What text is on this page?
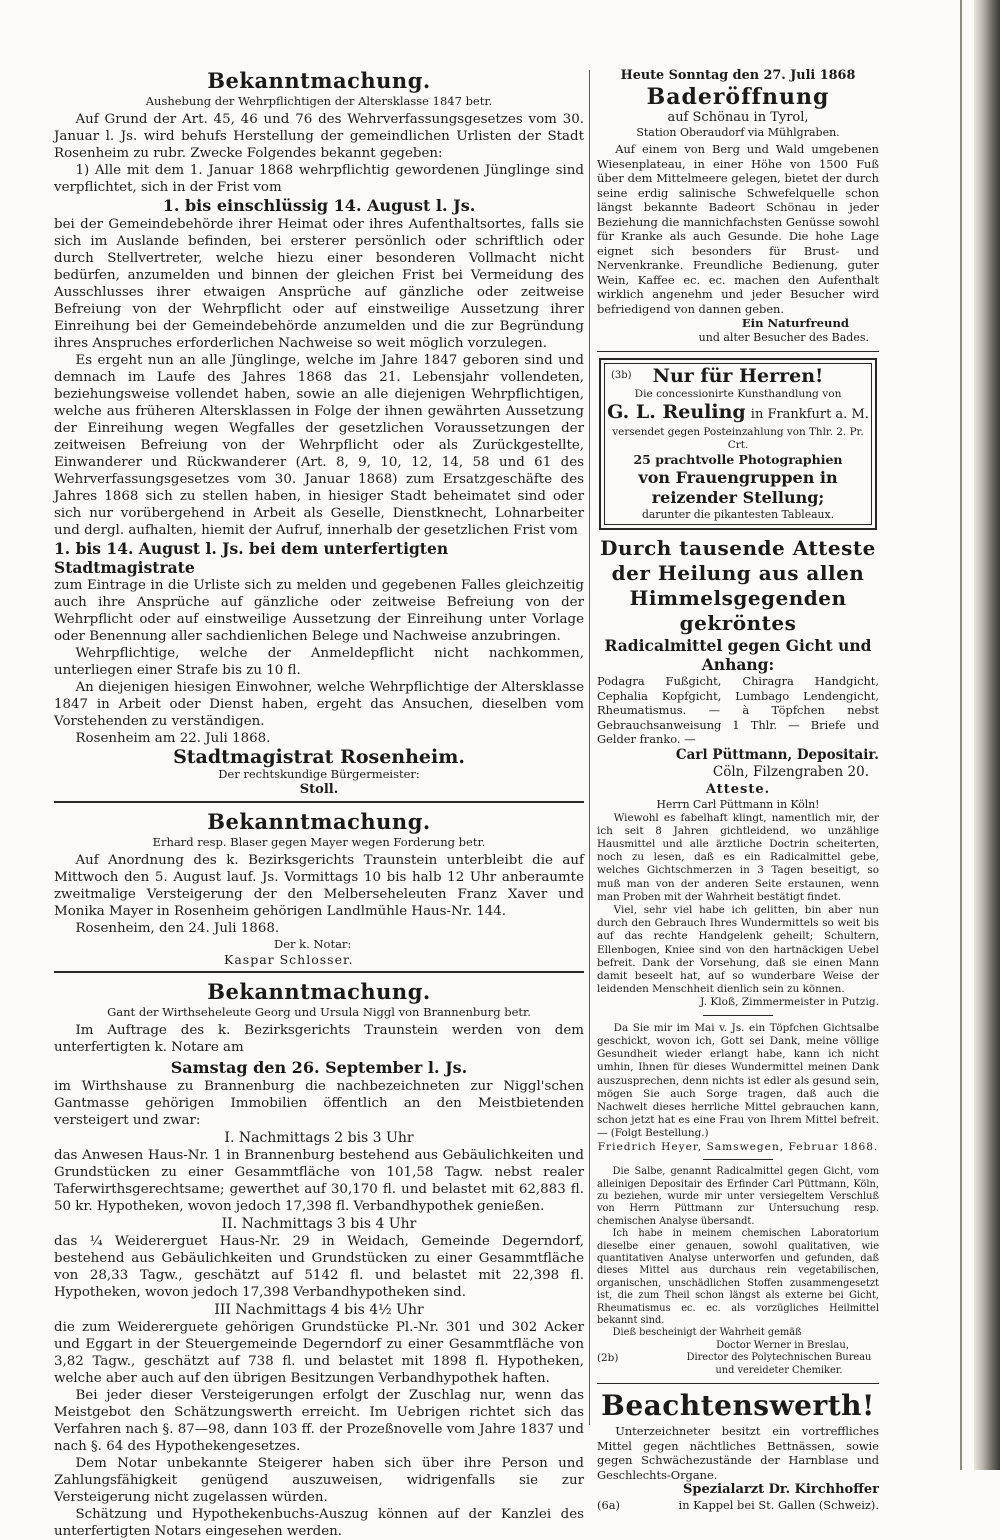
Bekanntmachung.
Aushebung der Wehrpflichtigen der Altersklasse 1847 betr.

Auf Grund der Art. 45, 46 und 76 des Wehrverfassungsgesetzes vom 30. Januar l. Js. wird behufs Herstellung der gemeindlichen Urlisten der Stadt Rosenheim zu rubr. Zwecke Folgendes bekannt gegeben:

1) Alle mit dem 1. Januar 1868 wehrpflichtig gewordenen Jünglinge sind verpflichtet, sich in der Frist vom

1. bis einschlüssig 14. August l. Js.

bei der Gemeindebehörde ihrer Heimat oder ihres Aufenthaltsortes, falls sie sich im Auslande befinden, bei ersterer persönlich oder schriftlich oder durch Stellvertreter, welche hiezu einer besonderen Vollmacht nicht bedürfen, anzumelden und binnen der gleichen Frist bei Vermeidung des Ausschlusses ihrer etwaigen Ansprüche auf gänzliche oder zeitweise Befreiung von der Wehrpflicht oder auf einstweilige Aussetzung ihrer Einreihung bei der Gemeindebehörde anzumelden und die zur Begründung ihres Anspruches erforderlichen Nachweise so weit möglich vorzulegen.

Es ergeht nun an alle Jünglinge, welche im Jahre 1847 geboren sind und demnach im Laufe des Jahres 1868 das 21. Lebensjahr vollendeten, beziehungsweise vollendet haben, sowie an alle diejenigen Wehrpflichtigen, welche aus früheren Altersklassen in Folge der ihnen gewährten Aussetzung der Einreihung wegen Wegfalles der gesetzlichen Voraussetzungen der zeitweisen Befreiung von der Wehrpflicht oder als Zurückgestellte, Einwanderer und Rückwanderer (Art. 8, 9, 10, 12, 14, 58 und 61 des Wehrverfassungsgesetzes vom 30. Januar 1868) zum Ersatzgeschäfte des Jahres 1868 sich zu stellen haben, in hiesiger Stadt beheimatet sind oder sich nur vorübergehend in Arbeit als Geselle, Dienstknecht, Lohnarbeiter und dergl. aufhalten, hiemit der Aufruf, innerhalb der gesetzlichen Frist vom

1. bis 14. August l. Js. bei dem unterfertigten Stadtmagistrate

zum Eintrage in die Urliste sich zu melden und gegebenen Falles gleichzeitig auch ihre Ansprüche auf gänzliche oder zeitweise Befreiung von der Wehrpflicht oder auf einstweilige Aussetzung der Einreihung unter Vorlage oder Benennung aller sachdienlichen Belege und Nachweise anzubringen.

Wehrpflichtige, welche der Anmeldepflicht nicht nachkommen, unterliegen einer Strafe bis zu 10 fl.

An diejenigen hiesigen Einwohner, welche Wehrpflichtige der Altersklasse 1847 in Arbeit oder Dienst haben, ergeht das Ansuchen, dieselben vom Vorstehenden zu verständigen.

Rosenheim am 22. Juli 1868.

Stadtmagistrat Rosenheim.
Der rechtskundige Bürgermeister:
Stoll.
Bekanntmachung.
Erhard resp. Blaser gegen Mayer wegen Forderung betr.

Auf Anordnung des k. Bezirksgerichts Traunstein unterbleibt die auf Mittwoch den 5. August lauf. Js. Vormittags 10 bis halb 12 Uhr anberaumte zweitmalige Versteigerung der den Melberseheleuten Franz Xaver und Monika Mayer in Rosenheim gehörigen Landlmühle Haus-Nr. 144.

Rosenheim, den 24. Juli 1868.

Der k. Notar:
Kaspar Schlosser.
Bekanntmachung.
Gant der Wirthseheleute Georg und Ursula Niggl von Brannenburg betr.

Im Auftrage des k. Bezirksgerichts Traunstein werden von dem unterfertigten k. Notare am

Samstag den 26. September l. Js.

im Wirthshause zu Brannenburg die nachbezeichneten zur Niggl'schen Gantmasse gehörigen Immobilien öffentlich an den Meistbietenden versteigert und zwar:

I. Nachmittags 2 bis 3 Uhr

das Anwesen Haus-Nr. 1 in Brannenburg bestehend aus Gebäulichkeiten und Grundstücken zu einer Gesammtfläche von 101,58 Tagw. nebst realer Taferwirthsgerechtsame; gewerthet auf 30,170 fl. und belastet mit 62,883 fl. 50 kr. Hypotheken, wovon jedoch 17,398 fl. Verbandhypothek genießen.

II. Nachmittags 3 bis 4 Uhr

das ¼ Weidererguet Haus-Nr. 29 in Weidach, Gemeinde Degerndorf, bestehend aus Gebäulichkeiten und Grundstücken zu einer Gesammtfläche von 28,33 Tagw., geschätzt auf 5142 fl. und belastet mit 22,398 fl. Hypotheken, wovon jedoch 17,398 Verbandhypotheken sind.

III Nachmittags 4 bis 4½ Uhr

die zum Weidererguete gehörigen Grundstücke Pl.-Nr. 301 und 302 Acker und Eggart in der Steuergemeinde Degerndorf zu einer Gesammtfläche von 3,82 Tagw., geschätzt auf 738 fl. und belastet mit 1898 fl. Hypotheken, welche aber auch auf den übrigen Besitzungen Verbandhypothek haften.

Bei jeder dieser Versteigerungen erfolgt der Zuschlag nur, wenn das Meistgebot den Schätzungswerth erreicht. Im Uebrigen richtet sich das Verfahren nach §. 87—98, dann 103 ff. der Prozeßnovelle vom Jahre 1837 und nach §. 64 des Hypothekengesetzes.

Dem Notar unbekannte Steigerer haben sich über ihre Person und Zahlungsfähigkeit genügend auszuweisen, widrigenfalls sie zur Versteigerung nicht zugelassen würden.

Schätzung und Hypothekenbuchs-Auszug können auf der Kanzlei des unterfertigten Notars eingesehen werden.

Heute Sonntag den 27. Juli 1868
Baderöffnung
auf Schönau in Tyrol,
Station Oberaudorf via Mühlgraben.

Auf einem von Berg und Wald umgebenen Wiesenplateau, in einer Höhe von 1500 Fuß über dem Mittelmeere gelegen, bietet der durch seine erdig salinische Schwefelquelle schon längst bekannte Badeort Schönau in jeder Beziehung die mannichfachsten Genüsse sowohl für Kranke als auch Gesunde. Die hohe Lage eignet sich besonders für Brust- und Nervenkranke. Freundliche Bedienung, guter Wein, Kaffee ec. ec. machen den Aufenthalt wirklich angenehm und jeder Besucher wird befriedigend von dannen geben.

Ein Naturfreund
und alter Besucher des Bades.
(3b)	Nur für Herren!
Die concessionirte Kunsthandlung von
G. L. Reuling in Frankfurt a. M.
versendet gegen Posteinzahlung von Thlr. 2. Pr. Crt.
25 prachtvolle Photographien
von Frauengruppen in reizender Stellung;
darunter die pikantesten Tableaux.
Durch tausende Atteste der Heilung aus allen Himmelsgegenden gekröntes
Radicalmittel gegen Gicht und Anhang:

Podagra Fußgicht, Chiragra Handgicht, Cephalia Kopfgicht, Lumbago Lendengicht, Rheumatismus. — à Töpfchen nebst Gebrauchsanweisung 1 Thlr. — Briefe und Gelder franko. —

Carl Püttmann, Depositair.
Cöln, Filzengraben 20.
Atteste.
Herrn Carl Püttmann in Köln!

Wiewohl es fabelhaft klingt, namentlich mir, der ich seit 8 Jahren gichtleidend, wo unzählige Hausmittel und alle ärztliche Doctrin scheiterten, noch zu lesen, daß es ein Radicalmittel gebe, welches Gichtschmerzen in 3 Tagen beseitigt, so muß man von der anderen Seite erstaunen, wenn man Proben mit der Wahrheit bestätigt findet.

Viel, sehr viel habe ich gelitten, bin aber nun durch den Gebrauch Ihres Wundermittels so weit bis auf das rechte Handgelenk geheilt; Schultern, Ellenbogen, Kniee sind von den hartnäckigen Uebel befreit. Dank der Vorsehung, daß sie einen Mann damit beseelt hat, auf so wunderbare Weise der leidenden Menschheit dienlich sein zu können.

J. Kloß, Zimmermeister in Putzig.

Da Sie mir im Mai v. Js. ein Töpfchen Gichtsalbe geschickt, wovon ich, Gott sei Dank, meine völlige Gesundheit wieder erlangt habe, kann ich nicht umhin, Ihnen für dieses Wundermittel meinen Dank auszusprechen, denn nichts ist edler als gesund sein, mögen Sie auch Sorge tragen, daß auch die Nachwelt dieses herrliche Mittel gebrauchen kann, schon jetzt hat es eine Frau von Ihrem Mittel befreit. — (Folgt Bestellung.)

Friedrich Heyer, Samswegen, Februar 1868.

Die Salbe, genannt Radicalmittel gegen Gicht, vom alleinigen Depositair des Erfinder Carl Püttmann, Köln, zu beziehen, wurde mir unter versiegeltem Verschluß von Herrn Püttmann zur Untersuchung resp. chemischen Analyse übersandt.

Ich habe in meinem chemischen Laboratorium dieselbe einer genauen, sowohl qualitativen, wie quantitativen Analyse unterworfen und gefunden, daß dieses Mittel aus durchaus rein vegetabilischen, organischen, unschädlichen Stoffen zusammengesetzt ist, die zum Theil schon längst als externe bei Gicht, Rheumatismus ec. ec. als vorzügliches Heilmittel bekannt sind.

Dieß bescheinigt der Wahrheit gemäß

Doctor Werner in Breslau,
(2b)	Director des Polytechnischen Bureau und vereideter Chemiker.
Beachtenswerth!

Unterzeichneter besitzt ein vortreffliches Mittel gegen nächtliches Bettnässen, sowie gegen Schwächezustände der Harnblase und Geschlechts-Organe.

Spezialarzt Dr. Kirchhoffer
(6a)	in Kappel bei St. Gallen (Schweiz).
